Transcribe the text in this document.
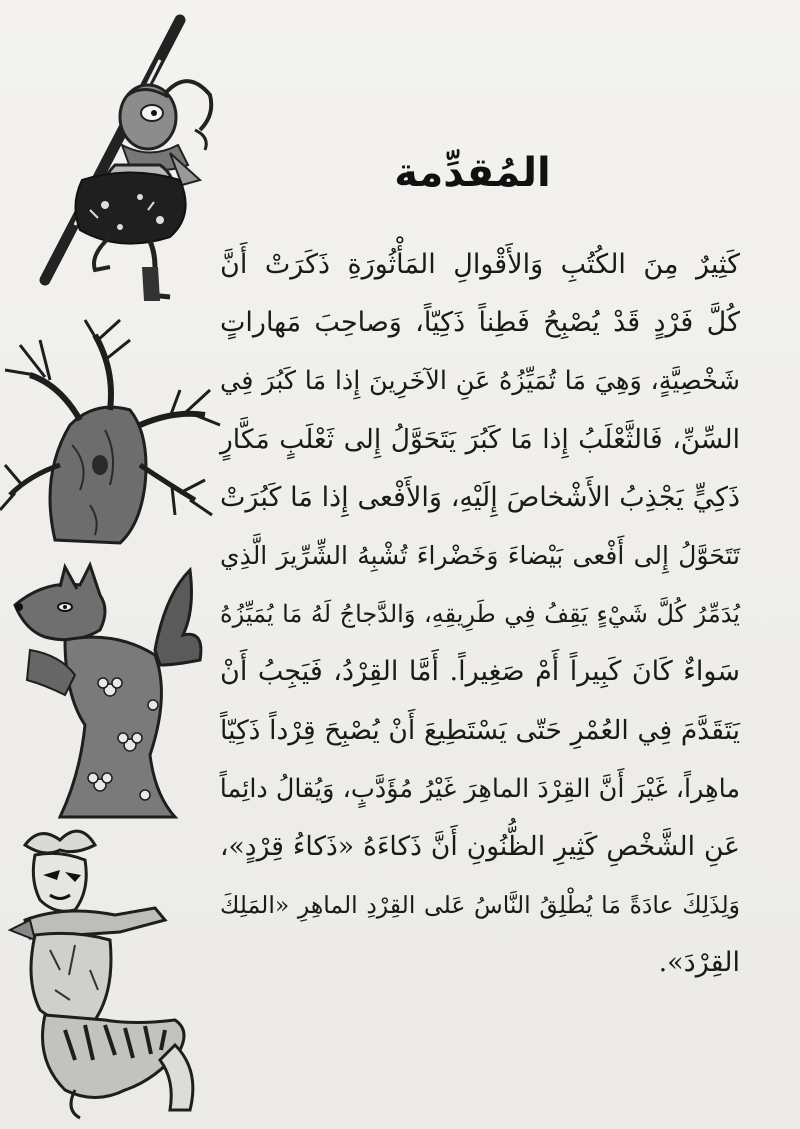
المُقدِّمة
كَثِيرٌ مِنَ الكُتُبِ وَالأَقْوالِ المَأْثُورَةِ ذَكَرَتْ أَنَّ
كُلَّ فَرْدٍ قَدْ يُصْبِحُ فَطِناً ذَكِيّاً، وَصاحِبَ مَهاراتٍ
شَخْصِيَّةٍ، وَهِيَ مَا تُمَيِّزُهُ عَنِ الآخَرِينَ إِذا مَا كَبُرَ فِي
السِّنِّ، فَالثَّعْلَبُ إِذا مَا كَبُرَ يَتَحَوَّلُ إِلى ثَعْلَبٍ مَكَّارٍ
ذَكِيٍّ يَجْذِبُ الأَشْخاصَ إِلَيْهِ، وَالأَفْعى إِذا مَا كَبُرَتْ
تَتَحَوَّلُ إِلى أَفْعى بَيْضاءَ وَخَضْراءَ تُشْبِهُ الشِّرِّيرَ الَّذِي
يُدَمِّرُ كُلَّ شَيْءٍ يَقِفُ فِي طَرِيقِهِ، وَالدَّجاجُ لَهُ مَا يُمَيِّزُهُ
سَواءٌ كَانَ كَبِيراً أَمْ صَغِيراً. أَمَّا القِرْدُ، فَيَجِبُ أَنْ
يَتَقَدَّمَ فِي العُمْرِ حَتّى يَسْتَطِيعَ أَنْ يُصْبِحَ قِرْداً ذَكِيّاً
ماهِراً، غَيْرَ أَنَّ القِرْدَ الماهِرَ غَيْرُ مُؤَدَّبٍ، وَيُقالُ دائِماً
عَنِ الشَّخْصِ كَثِيرِ الظُّنُونِ أَنَّ ذَكاءَهُ «ذَكاءُ قِرْدٍ»،
وَلِذَلِكَ عادَةً مَا يُطْلِقُ النَّاسُ عَلى القِرْدِ الماهِرِ «المَلِكَ
القِرْدَ».
